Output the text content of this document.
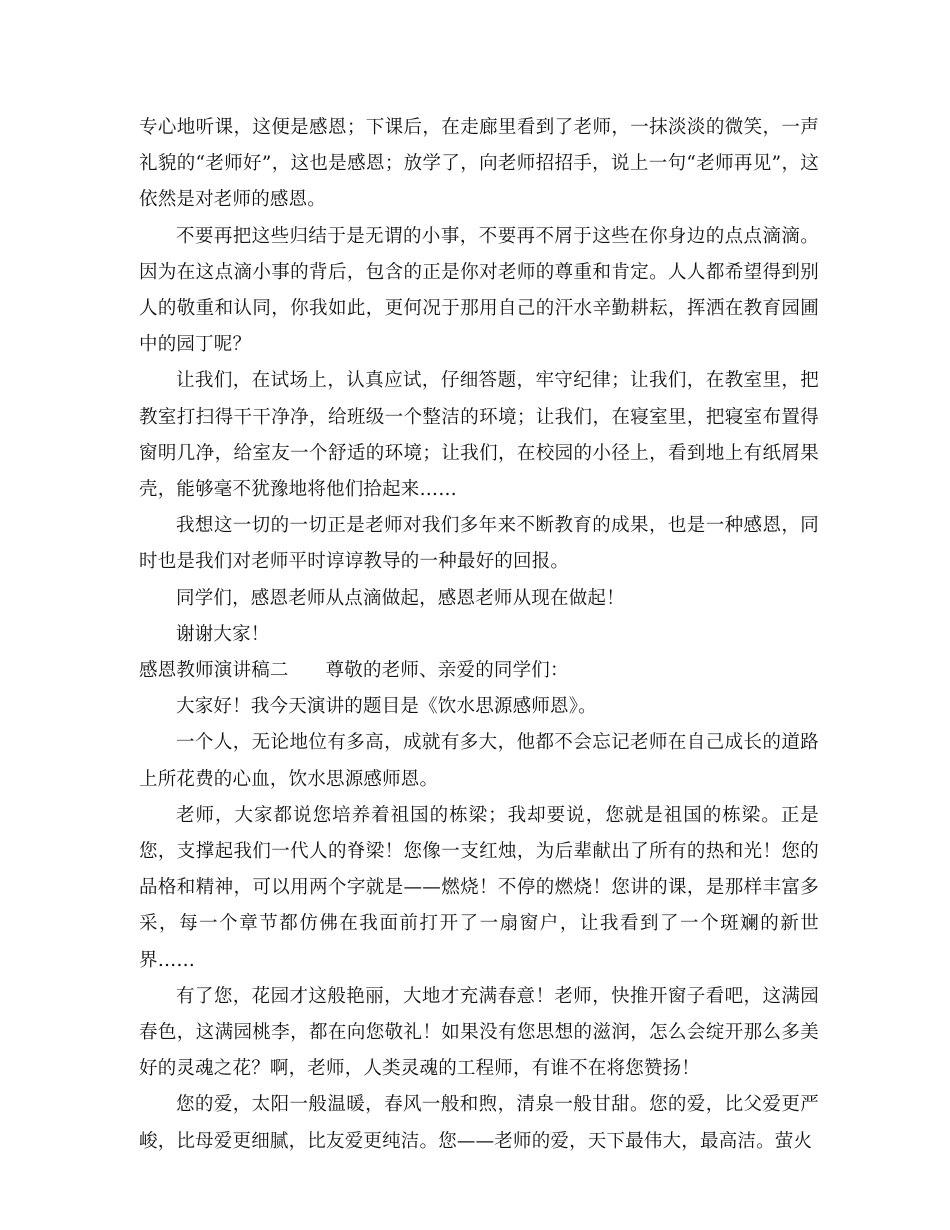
专心地听课，这便是感恩；下课后，在走廊里看到了老师，一抹淡淡的微笑，一声礼貌的“老师好”，这也是感恩；放学了，向老师招招手，说上一句“老师再见”，这依然是对老师的感恩。

不要再把这些归结于是无谓的小事，不要再不屑于这些在你身边的点点滴滴。因为在这点滴小事的背后，包含的正是你对老师的尊重和肯定。人人都希望得到别人的敬重和认同，你我如此，更何况于那用自己的汗水辛勤耕耘，挥洒在教育园圃中的园丁呢？

让我们，在试场上，认真应试，仔细答题，牢守纪律；让我们，在教室里，把教室打扫得干干净净，给班级一个整洁的环境；让我们，在寝室里，把寝室布置得窗明几净，给室友一个舒适的环境；让我们，在校园的小径上，看到地上有纸屑果壳，能够毫不犹豫地将他们拾起来……

我想这一切的一切正是老师对我们多年来不断教育的成果，也是一种感恩，同时也是我们对老师平时谆谆教导的一种最好的回报。

同学们，感恩老师从点滴做起，感恩老师从现在做起！

谢谢大家！

感恩教师演讲稿二 尊敬的老师、亲爱的同学们：

大家好！我今天演讲的题目是《饮水思源感师恩》。

一个人，无论地位有多高，成就有多大，他都不会忘记老师在自己成长的道路上所花费的心血，饮水思源感师恩。

老师，大家都说您培养着祖国的栋梁；我却要说，您就是祖国的栋梁。正是您，支撑起我们一代人的脊梁！您像一支红烛，为后辈献出了所有的热和光！您的品格和精神，可以用两个字就是——燃烧！不停的燃烧！您讲的课，是那样丰富多采，每一个章节都仿佛在我面前打开了一扇窗户，让我看到了一个斑斓的新世界……

有了您，花园才这般艳丽，大地才充满春意！老师，快推开窗子看吧，这满园春色，这满园桃李，都在向您敬礼！如果没有您思想的滋润，怎么会绽开那么多美好的灵魂之花？啊，老师，人类灵魂的工程师，有谁不在将您赞扬！

您的爱，太阳一般温暖，春风一般和煦，清泉一般甘甜。您的爱，比父爱更严峻，比母爱更细腻，比友爱更纯洁。您——老师的爱，天下最伟大，最高洁。萤火
